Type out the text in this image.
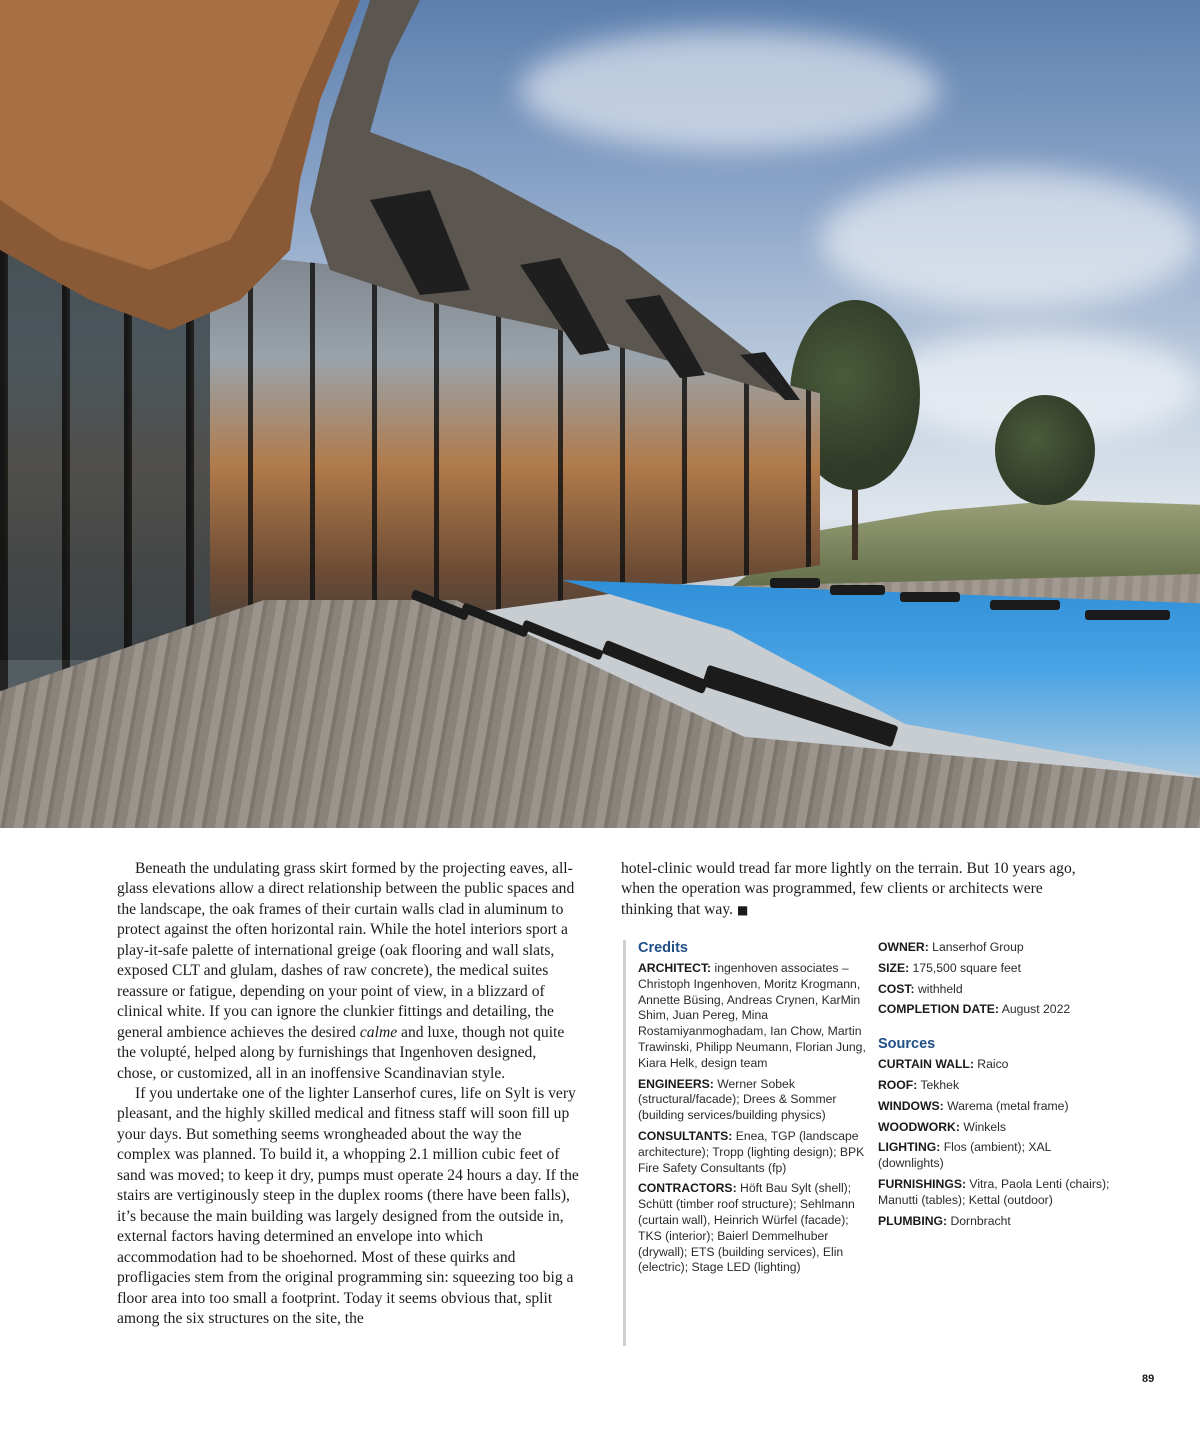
Beneath the undulating grass skirt formed by the projecting eaves, all-glass elevations allow a direct relationship between the public spaces and the landscape, the oak frames of their curtain walls clad in aluminum to protect against the often horizontal rain. While the hotel interiors sport a play-it-safe palette of international greige (oak flooring and wall slats, exposed CLT and glulam, dashes of raw concrete), the medical suites reassure or fatigue, depending on your point of view, in a blizzard of clinical white. If you can ignore the clunkier fittings and detailing, the general ambience achieves the desired calme and luxe, though not quite the volupté, helped along by furnishings that Ingenhoven designed, chose, or customized, all in an inoffensive Scandinavian style.

If you undertake one of the lighter Lanserhof cures, life on Sylt is very pleasant, and the highly skilled medical and fitness staff will soon fill up your days. But something seems wrongheaded about the way the complex was planned. To build it, a whopping 2.1 million cubic feet of sand was moved; to keep it dry, pumps must operate 24 hours a day. If the stairs are vertiginously steep in the duplex rooms (there have been falls), it’s because the main building was largely designed from the outside in, external factors having determined an envelope into which accommodation had to be shoehorned. Most of these quirks and profligacies stem from the original programming sin: squeezing too big a floor area into too small a footprint. Today it seems obvious that, split among the six structures on the site, the

hotel-clinic would tread far more lightly on the terrain. But 10 years ago, when the operation was programmed, few clients or architects were thinking that way. ■

Credits
ARCHITECT: ingenhoven associates – Christoph Ingenhoven, Moritz Krogmann, Annette Büsing, Andreas Crynen, KarMin Shim, Juan Pereg, Mina Rostamiyanmoghadam, Ian Chow, Martin Trawinski, Philipp Neumann, Florian Jung, Kiara Helk, design team
ENGINEERS: Werner Sobek (structural/facade); Drees & Sommer (building services/building physics)
CONSULTANTS: Enea, TGP (landscape architecture); Tropp (lighting design); BPK Fire Safety Consultants (fp)
CONTRACTORS: Höft Bau Sylt (shell); Schütt (timber roof structure); Sehlmann (curtain wall), Heinrich Würfel (facade); TKS (interior); Baierl Demmelhuber (drywall); ETS (building services), Elin (electric); Stage LED (lighting)
OWNER: Lanserhof Group
SIZE: 175,500 square feet
COST: withheld
COMPLETION DATE: August 2022
Sources
CURTAIN WALL: Raico
ROOF: Tekhek
WINDOWS: Warema (metal frame)
WOODWORK: Winkels
LIGHTING: Flos (ambient); XAL (downlights)
FURNISHINGS: Vitra, Paola Lenti (chairs); Manutti (tables); Kettal (outdoor)
PLUMBING: Dornbracht
89
